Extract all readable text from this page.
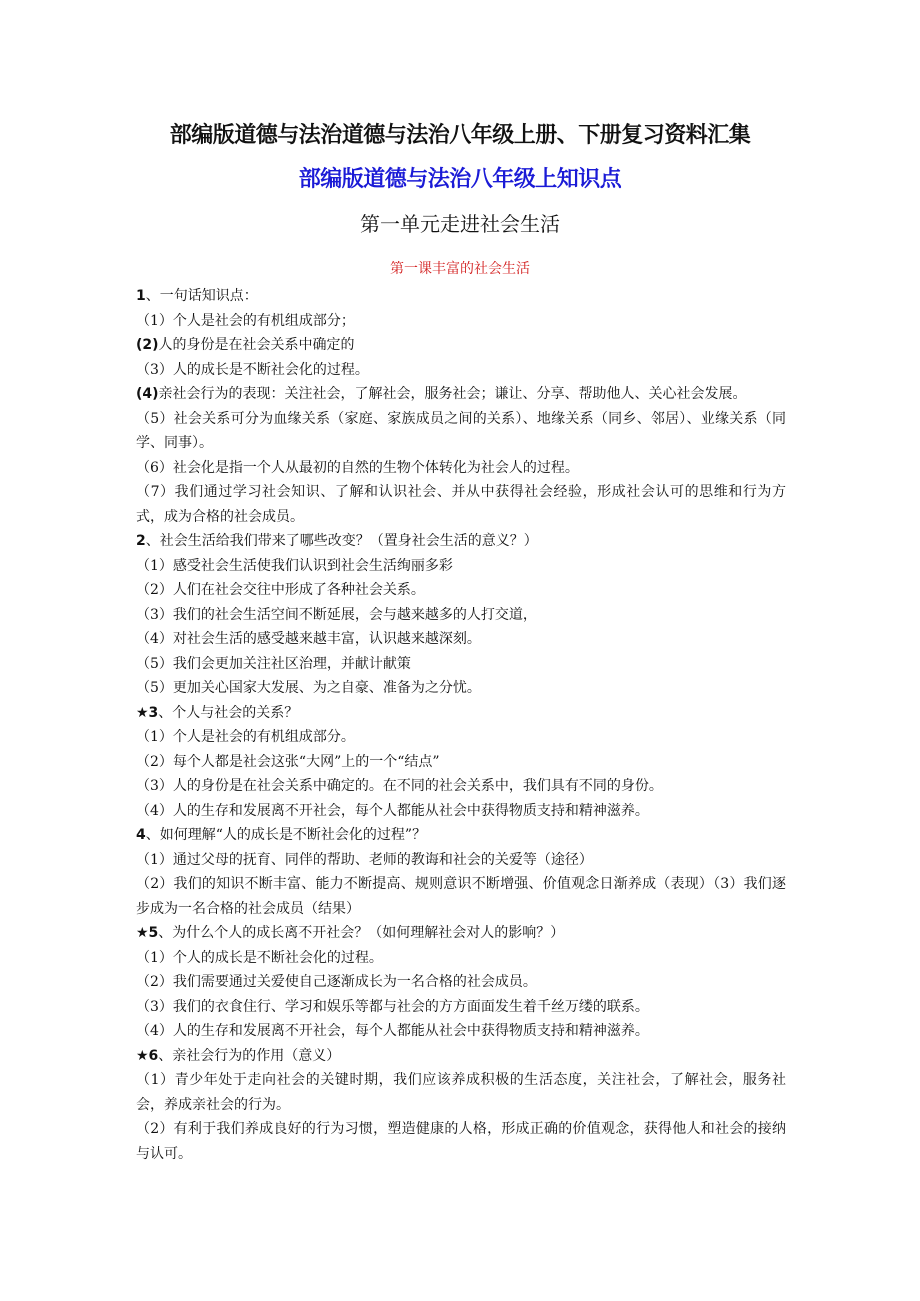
部编版道德与法治道德与法治八年级上册、下册复习资料汇集
部编版道德与法治八年级上知识点
第一单元走进社会生活
第一课丰富的社会生活
1、一句话知识点：
（1）个人是社会的有机组成部分；
(2)人的身份是在社会关系中确定的
（3）人的成长是不断社会化的过程。
(4)亲社会行为的表现：关注社会，了解社会，服务社会；谦让、分享、帮助他人、关心社会发展。
（5）社会关系可分为血缘关系（家庭、家族成员之间的关系）、地缘关系（同乡、邻居）、业缘关系（同学、同事）。
（6）社会化是指一个人从最初的自然的生物个体转化为社会人的过程。
（7）我们通过学习社会知识、了解和认识社会、并从中获得社会经验，形成社会认可的思维和行为方式，成为合格的社会成员。
2、社会生活给我们带来了哪些改变？（置身社会生活的意义？）
（1）感受社会生活使我们认识到社会生活绚丽多彩
（2）人们在社会交往中形成了各种社会关系。
（3）我们的社会生活空间不断延展，会与越来越多的人打交道，
（4）对社会生活的感受越来越丰富，认识越来越深刻。
（5）我们会更加关注社区治理，并献计献策
（5）更加关心国家大发展、为之自豪、准备为之分忧。
★3、个人与社会的关系？
（1）个人是社会的有机组成部分。
（2）每个人都是社会这张“大网”上的一个“结点”
（3）人的身份是在社会关系中确定的。在不同的社会关系中，我们具有不同的身份。
（4）人的生存和发展离不开社会，每个人都能从社会中获得物质支持和精神滋养。
4、如何理解“人的成长是不断社会化的过程”？
（1）通过父母的抚育、同伴的帮助、老师的教诲和社会的关爱等（途径）
（2）我们的知识不断丰富、能力不断提高、规则意识不断增强、价值观念日渐养成（表现）（3）我们逐步成为一名合格的社会成员（结果）
★5、为什么个人的成长离不开社会？（如何理解社会对人的影响？）
（1）个人的成长是不断社会化的过程。
（2）我们需要通过关爱使自己逐渐成长为一名合格的社会成员。
（3）我们的衣食住行、学习和娱乐等都与社会的方方面面发生着千丝万缕的联系。
（4）人的生存和发展离不开社会，每个人都能从社会中获得物质支持和精神滋养。
★6、亲社会行为的作用（意义）
（1）青少年处于走向社会的关键时期，我们应该养成积极的生活态度，关注社会，了解社会，服务社会，养成亲社会的行为。
（2）有利于我们养成良好的行为习惯，塑造健康的人格，形成正确的价值观念，获得他人和社会的接纳与认可。
